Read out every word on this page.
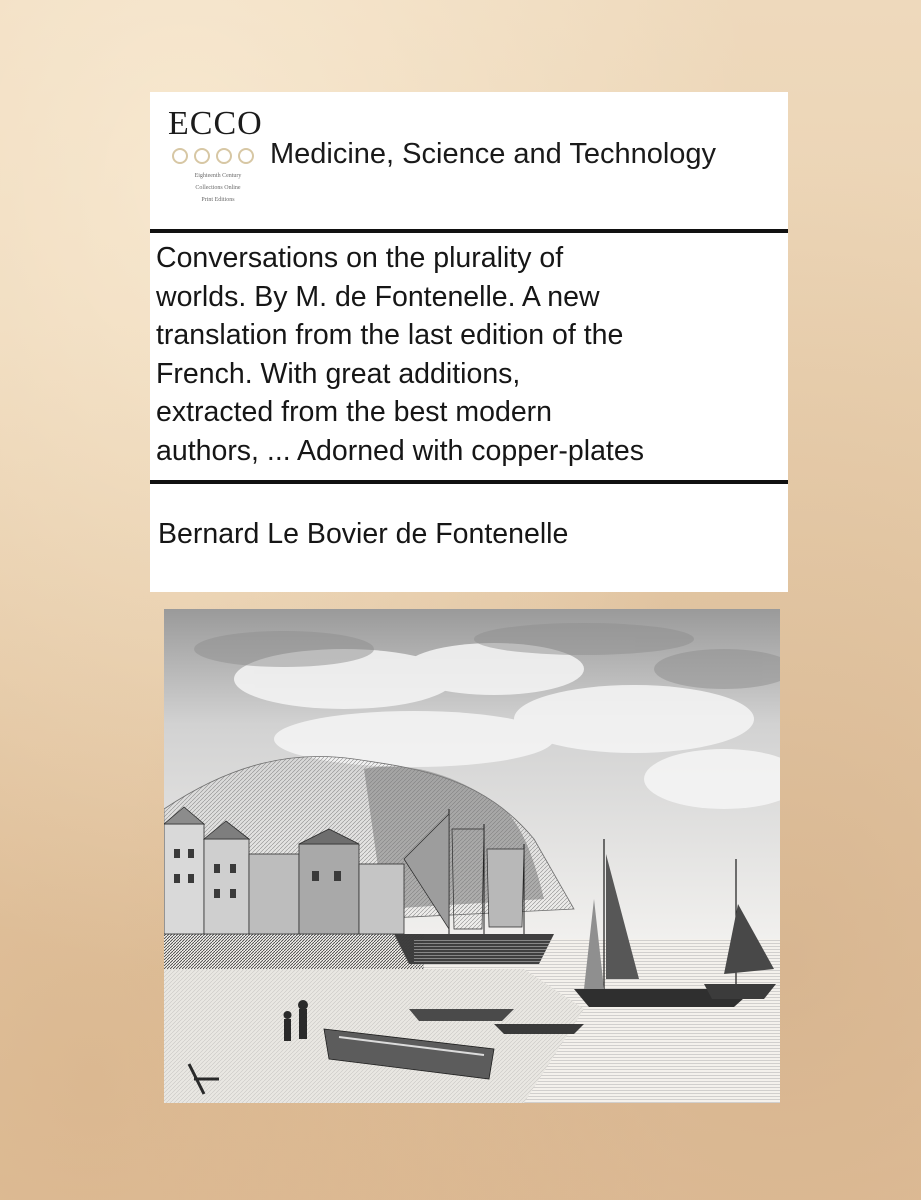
ECCO
Eighteenth Century
Collections Online
Print Editions
Medicine, Science and Technology
Conversations on the plurality of
worlds. By M. de Fontenelle. A new
translation from the last edition of the
French. With great additions,
extracted from the best modern
authors, ... Adorned with copper-plates
Bernard Le Bovier de Fontenelle
